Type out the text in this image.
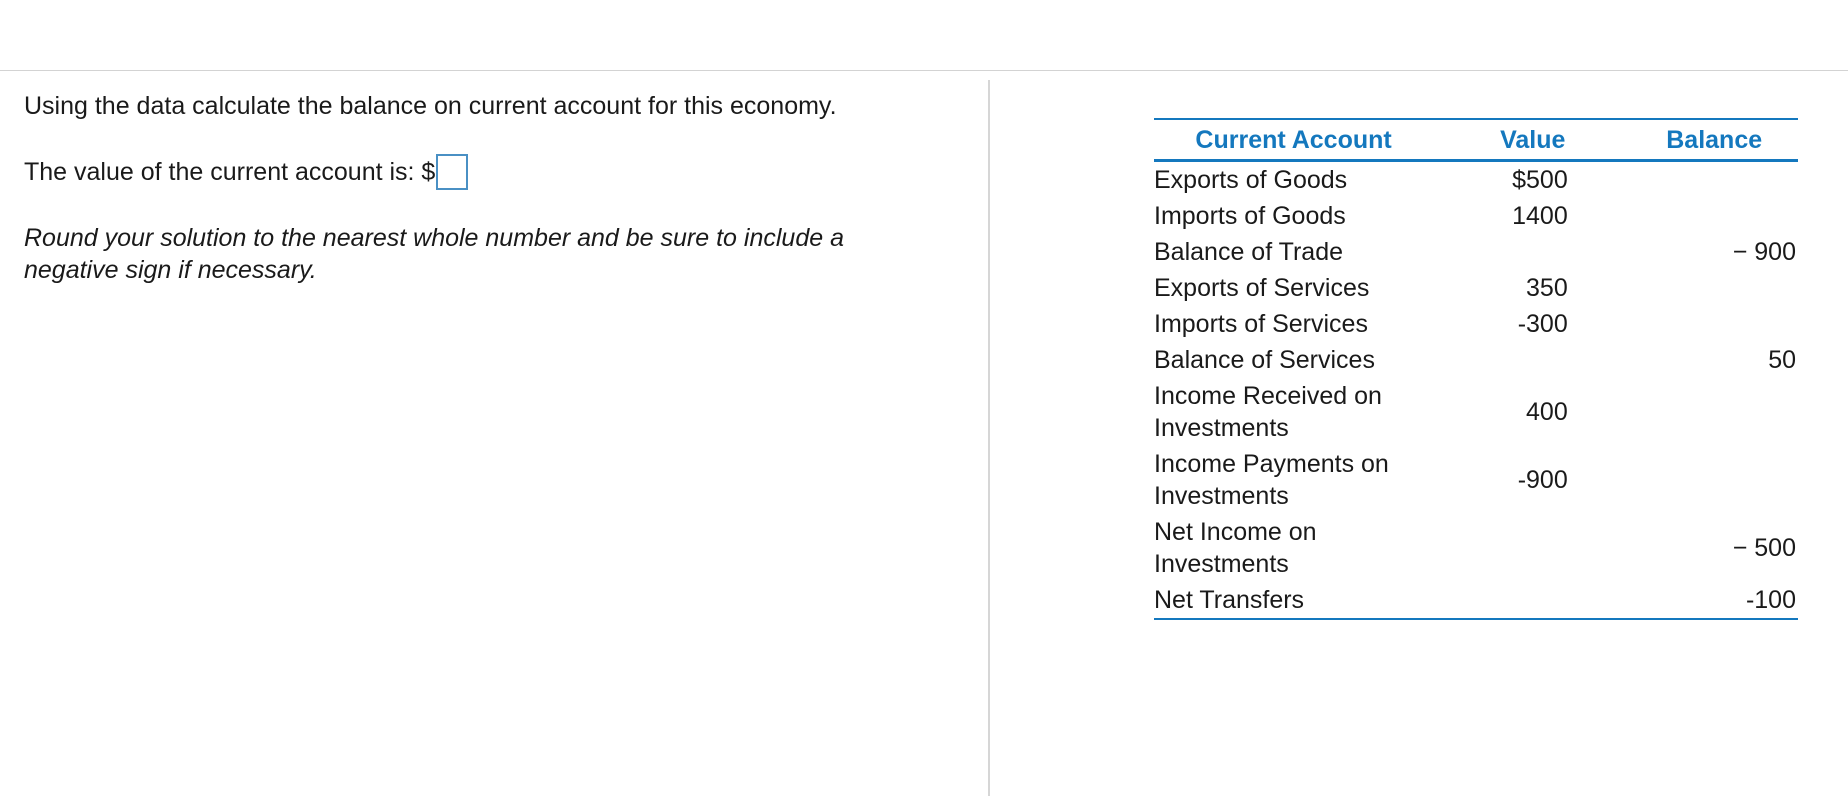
Using the data calculate the balance on current account for this economy.

The value of the current account is: $
Round your solution to the nearest whole number and be sure to include a negative sign if necessary.
Current Account	Value	Balance
Exports of Goods	$500	
Imports of Goods	1400	
Balance of Trade		− 900
Exports of Services	350	
Imports of Services	-300	
Balance of Services		50
Income Received on Investments	400	
Income Payments on Investments	-900	
Net Income on Investments		− 500
Net Transfers		-100
